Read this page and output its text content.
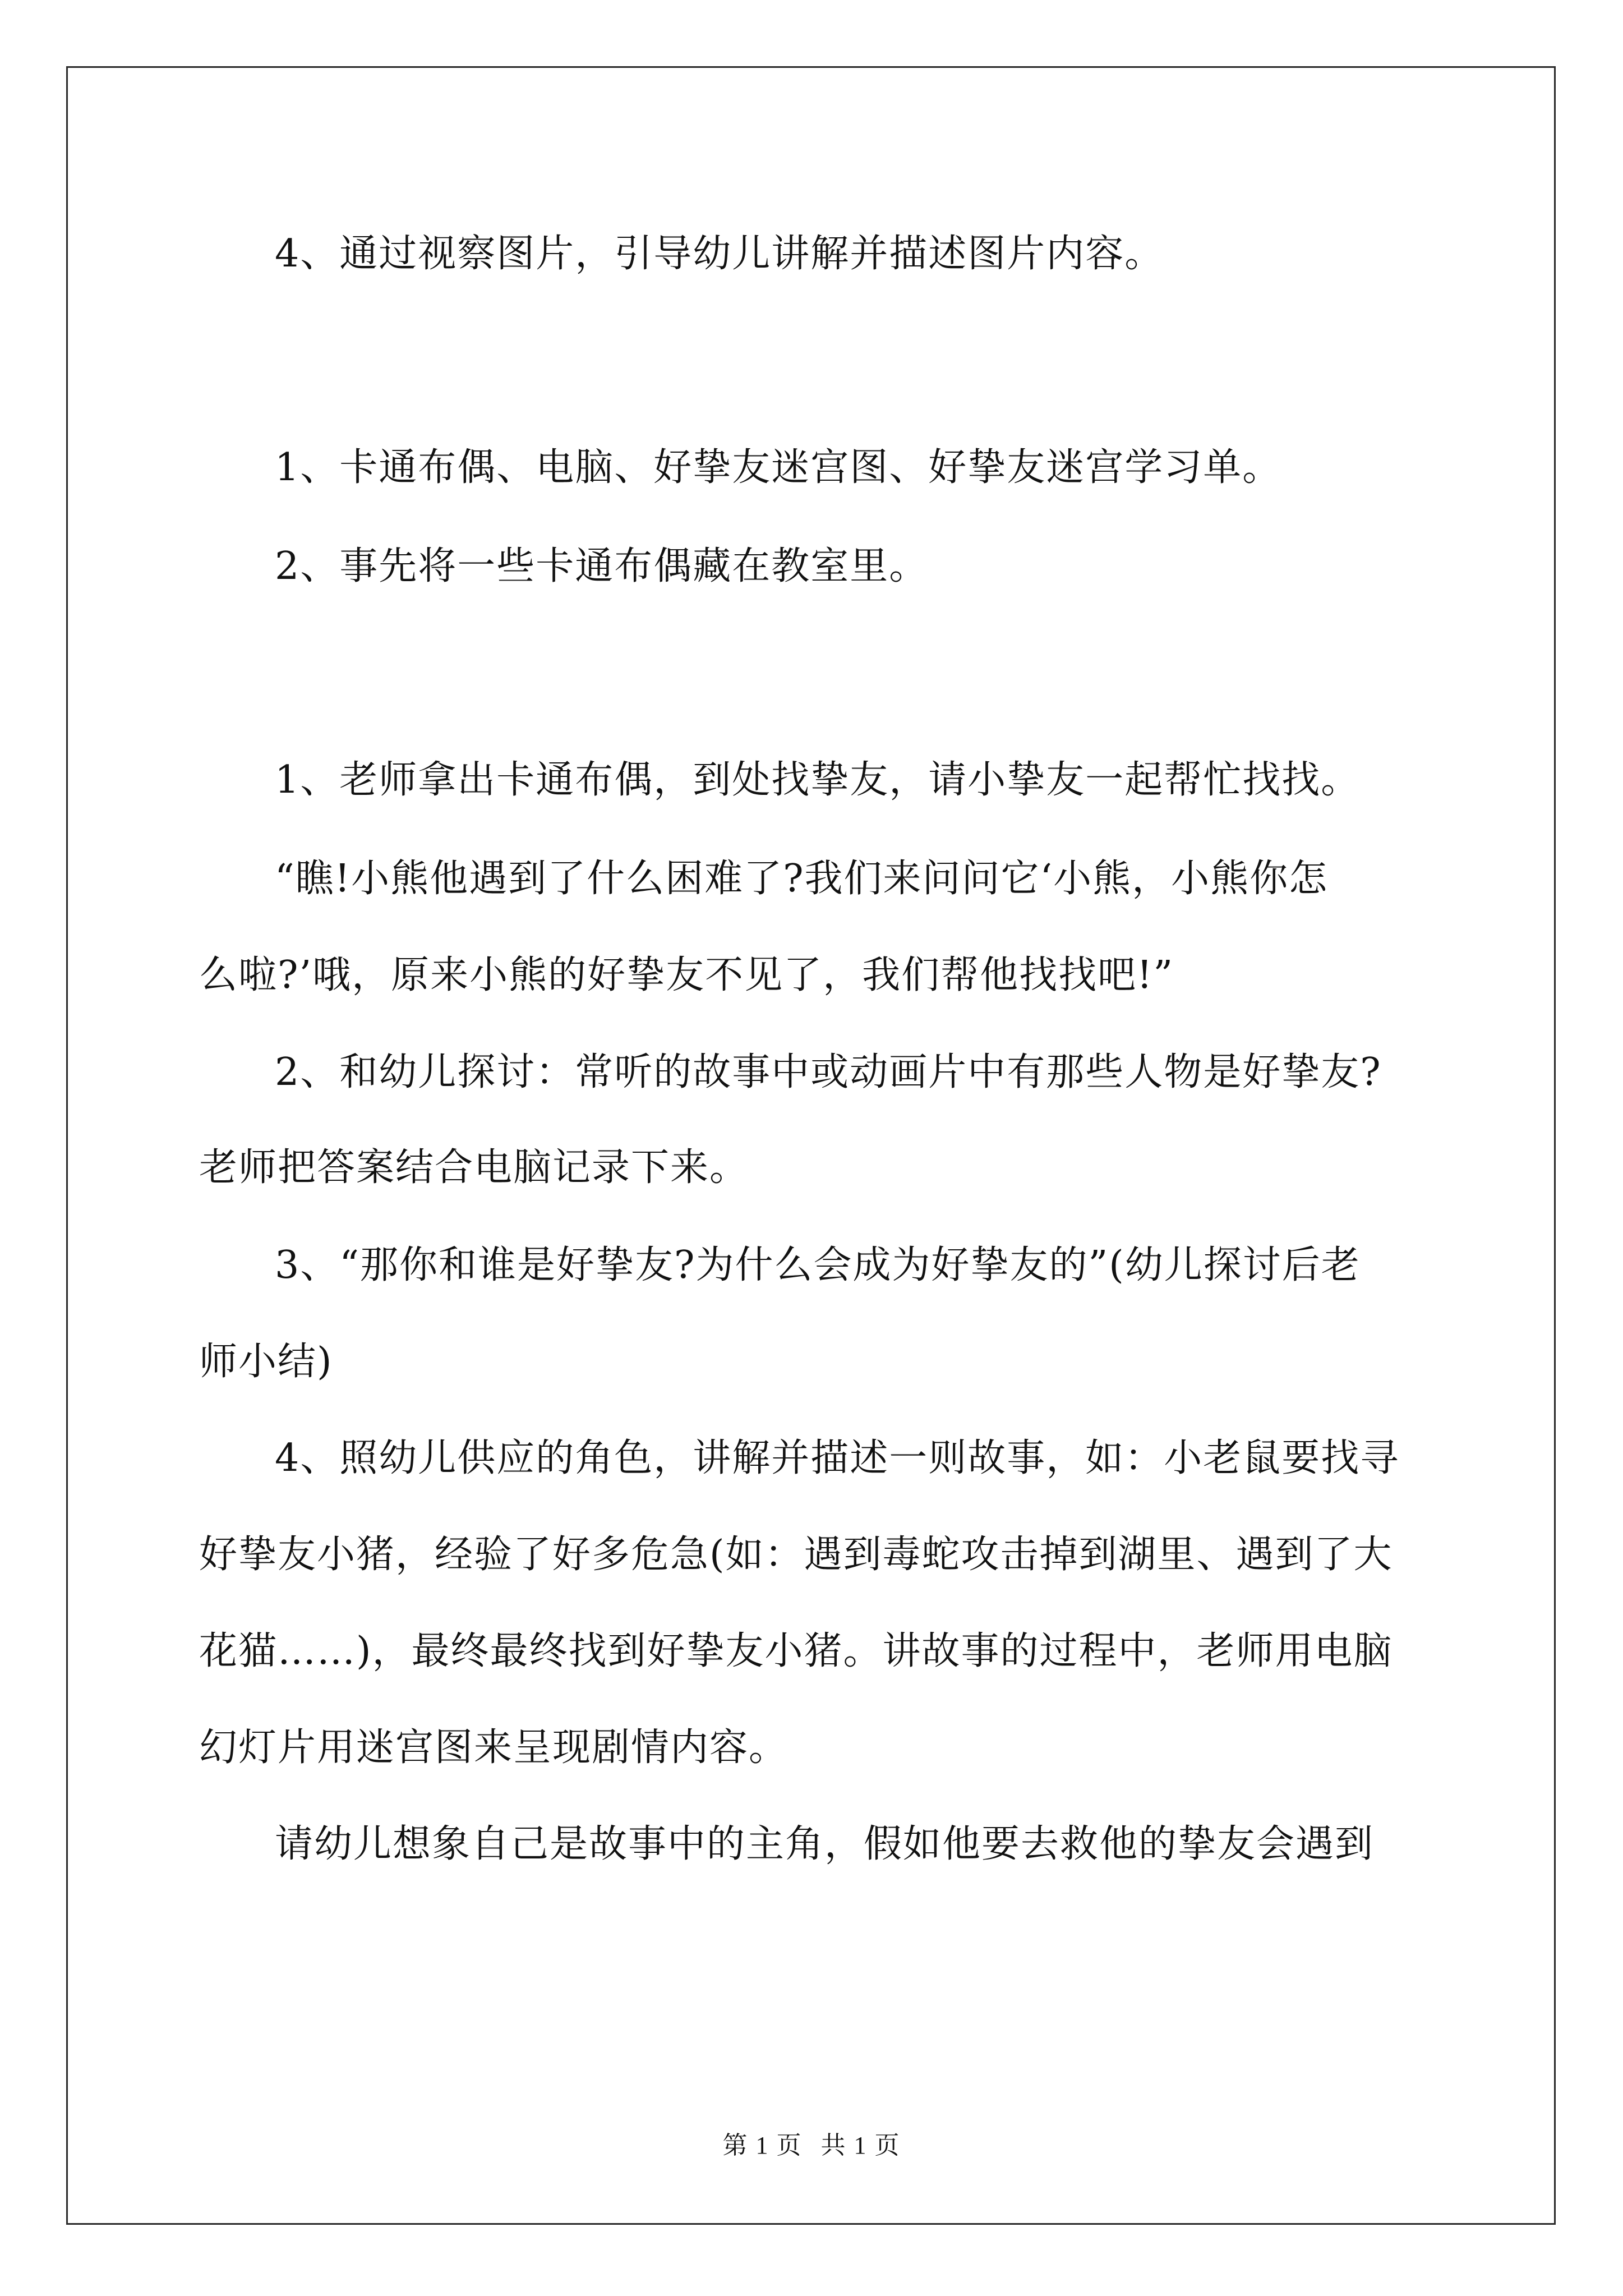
4、通过视察图片，引导幼儿讲解并描述图片内容。
1、卡通布偶、电脑、好挚友迷宫图、好挚友迷宫学习单。
2、事先将一些卡通布偶藏在教室里。
1、老师拿出卡通布偶，到处找挚友，请小挚友一起帮忙找找。
“瞧!小熊他遇到了什么困难了?我们来问问它‘小熊，小熊你怎
么啦?’哦，原来小熊的好挚友不见了，我们帮他找找吧!”
2、和幼儿探讨：常听的故事中或动画片中有那些人物是好挚友?
老师把答案结合电脑记录下来。
3、“那你和谁是好挚友?为什么会成为好挚友的”(幼儿探讨后老
师小结)
4、照幼儿供应的角色，讲解并描述一则故事，如：小老鼠要找寻
好挚友小猪，经验了好多危急(如：遇到毒蛇攻击掉到湖里、遇到了大
花猫……)，最终最终找到好挚友小猪。讲故事的过程中，老师用电脑
幻灯片用迷宫图来呈现剧情内容。
请幼儿想象自己是故事中的主角，假如他要去救他的挚友会遇到
第 1 页 共 1 页
